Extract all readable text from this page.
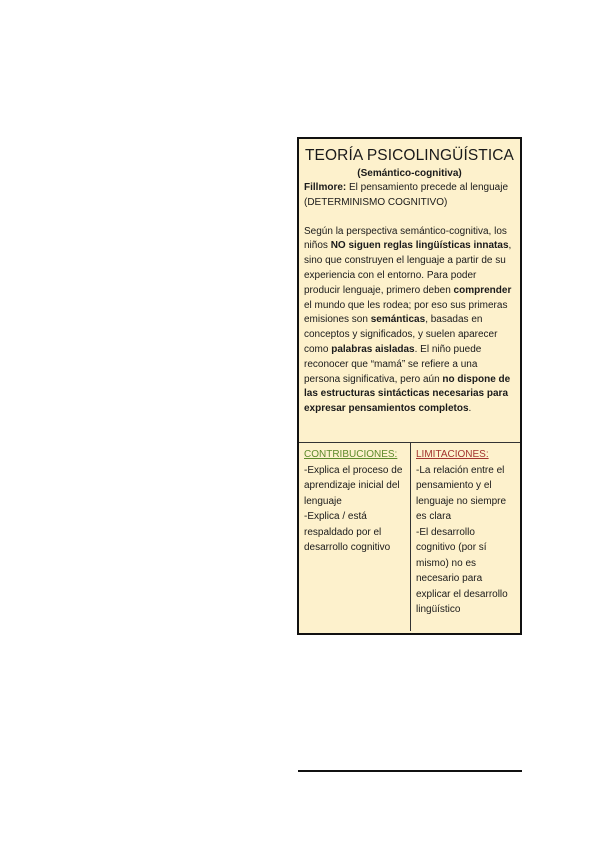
TEORÍA PSICOLINGÜÍSTICA
(Semántico-cognitiva)
Fillmore: El pensamiento precede al lenguaje (DETERMINISMO COGNITIVO)
Según la perspectiva semántico-cognitiva, los niños NO siguen reglas lingüísticas innatas, sino que construyen el lenguaje a partir de su experiencia con el entorno. Para poder producir lenguaje, primero deben comprender el mundo que les rodea; por eso sus primeras emisiones son semánticas, basadas en conceptos y significados, y suelen aparecer como palabras aisladas. El niño puede reconocer que “mamá” se refiere a una persona significativa, pero aún no dispone de las estructuras sintácticas necesarias para expresar pensamientos completos.
CONTRIBUCIONES:
-Explica el proceso de aprendizaje inicial del lenguaje
-Explica / está respaldado por el desarrollo cognitivo
LIMITACIONES:
-La relación entre el pensamiento y el lenguaje no siempre es clara
-El desarrollo cognitivo (por sí mismo) no es necesario para explicar el desarrollo lingüístico
